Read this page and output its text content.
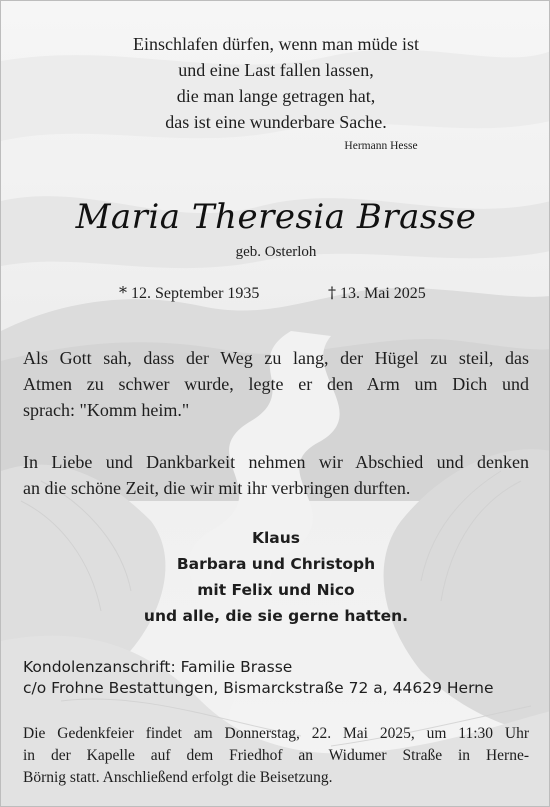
Einschlafen dürfen, wenn man müde ist
und eine Last fallen lassen,
die man lange getragen hat,
das ist eine wunderbare Sache.
Hermann Hesse
Maria Theresia Brasse
geb. Osterloh
* 12. September 1935	† 13. Mai 2025
Als Gott sah, dass der Weg zu lang, der Hügel zu steil, das
Atmen zu schwer wurde, legte er den Arm um Dich und
sprach: "Komm heim."
In Liebe und Dankbarkeit nehmen wir Abschied und denken
an die schöne Zeit, die wir mit ihr verbringen durften.
Klaus
Barbara und Christoph
mit Felix und Nico
und alle, die sie gerne hatten.
Kondolenzanschrift: Familie Brasse
c/o Frohne Bestattungen, Bismarckstraße 72 a, 44629 Herne
Die Gedenkfeier findet am Donnerstag, 22. Mai 2025, um 11:30 Uhr
in der Kapelle auf dem Friedhof an Widumer Straße in Herne-
Börnig statt. Anschließend erfolgt die Beisetzung.
